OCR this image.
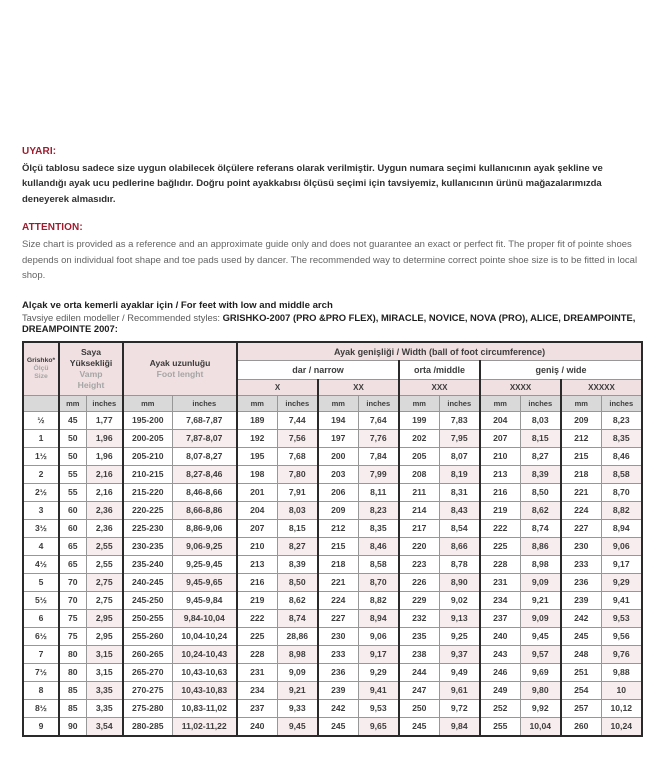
UYARI:

Ölçü tablosu sadece size uygun olabilecek ölçülere referans olarak verilmiştir. Uygun numara seçimi kullanıcının ayak şekline ve kullandığı ayak ucu pedlerine bağlıdır. Doğru point ayakkabısı ölçüsü seçimi için tavsiyemiz, kullanıcının ürünü mağazalarımızda deneyerek almasıdır.

ATTENTION:

Size chart is provided as a reference and an approximate guide only and does not guarantee an exact or perfect fit. The proper fit of pointe shoes depends on individual foot shape and toe pads used by dancer. The recommended way to determine correct pointe shoe size is to be fitted in local shop.

Alçak ve orta kemerli ayaklar için / For feet with low and middle arch

Tavsiye edilen modeller / Recommended styles: GRISHKO-2007 (PRO &PRO FLEX), MIRACLE, NOVICE, NOVA (PRO), ALICE, DREAMPOINTE, DREAMPOINTE 2007:

Grishko*
Ölçü
Size

Saya Yüksekliği
Vamp Height

Ayak uzunluğu
Foot lenght
	Ayak genişliği / Width (ball of foot circumference)
					dar / narrow				orta /middle		geniş / wide			
					X		XX		XXX		XXXX		XXXXX	
	mm	inches	mm	inches	mm	inches	mm	inches	mm	inches	mm	inches	mm	inches
½	45	1,77	195-200	7,68-7,87	189	7,44	194	7,64	199	7,83	204	8,03	209	8,23
1	50	1,96	200-205	7,87-8,07	192	7,56	197	7,76	202	7,95	207	8,15	212	8,35
1½	50	1,96	205-210	8,07-8,27	195	7,68	200	7,84	205	8,07	210	8,27	215	8,46
2	55	2,16	210-215	8,27-8,46	198	7,80	203	7,99	208	8,19	213	8,39	218	8,58
2½	55	2,16	215-220	8,46-8,66	201	7,91	206	8,11	211	8,31	216	8,50	221	8,70
3	60	2,36	220-225	8,66-8,86	204	8,03	209	8,23	214	8,43	219	8,62	224	8,82
3½	60	2,36	225-230	8,86-9,06	207	8,15	212	8,35	217	8,54	222	8,74	227	8,94
4	65	2,55	230-235	9,06-9,25	210	8,27	215	8,46	220	8,66	225	8,86	230	9,06
4½	65	2,55	235-240	9,25-9,45	213	8,39	218	8,58	223	8,78	228	8,98	233	9,17
5	70	2,75	240-245	9,45-9,65	216	8,50	221	8,70	226	8,90	231	9,09	236	9,29
5½	70	2,75	245-250	9,45-9,84	219	8,62	224	8,82	229	9,02	234	9,21	239	9,41
6	75	2,95	250-255	9,84-10,04	222	8,74	227	8,94	232	9,13	237	9,09	242	9,53
6½	75	2,95	255-260	10,04-10,24	225	28,86	230	9,06	235	9,25	240	9,45	245	9,56
7	80	3,15	260-265	10,24-10,43	228	8,98	233	9,17	238	9,37	243	9,57	248	9,76
7½	80	3,15	265-270	10,43-10,63	231	9,09	236	9,29	244	9,49	246	9,69	251	9,88
8	85	3,35	270-275	10,43-10,83	234	9,21	239	9,41	247	9,61	249	9,80	254	10
8½	85	3,35	275-280	10,83-11,02	237	9,33	242	9,53	250	9,72	252	9,92	257	10,12
9	90	3,54	280-285	11,02-11,22	240	9,45	245	9,65	245	9,84	255	10,04	260	10,24
